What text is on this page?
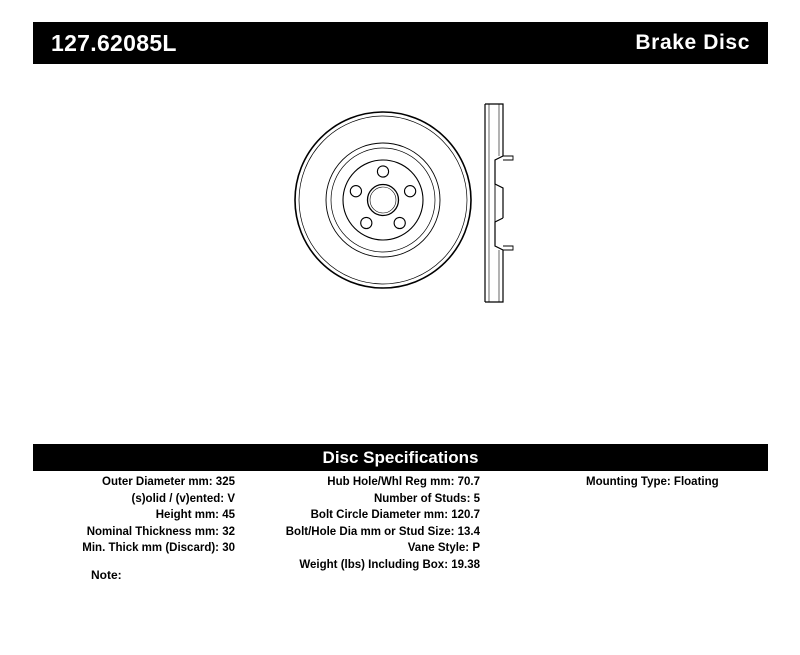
127.62085L	Brake Disc
Disc Specifications
Outer Diameter mm: 325
(s)olid / (v)ented: V
Height mm: 45
Nominal Thickness mm: 32
Min. Thick mm (Discard): 30
Hub Hole/Whl Reg mm: 70.7
Number of Studs: 5
Bolt Circle Diameter mm: 120.7
Bolt/Hole Dia mm or Stud Size: 13.4
Vane Style: P
Weight (lbs) Including Box: 19.38
Mounting Type: Floating
Note:
